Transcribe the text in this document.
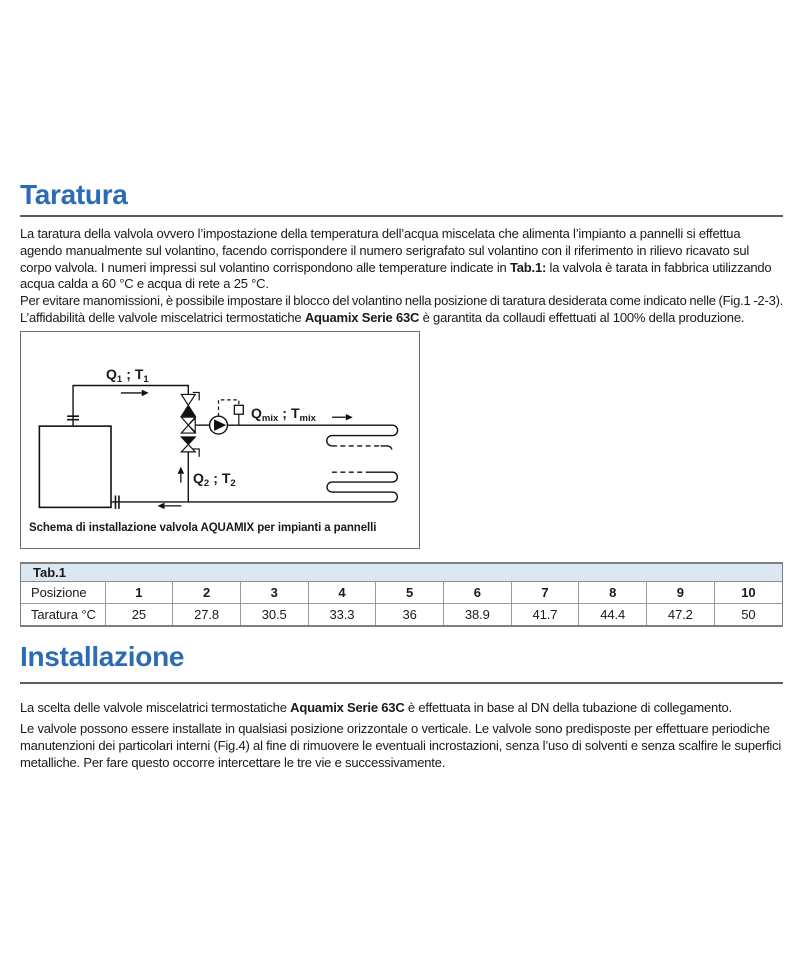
Taratura
La taratura della valvola ovvero l’impostazione della temperatura dell’acqua miscelata che alimenta l’impianto a pannelli si effettua
agendo manualmente sul volantino, facendo corrispondere il numero serigrafato sul volantino con il riferimento in rilievo ricavato sul
corpo valvola. I numeri impressi sul volantino corrispondono alle temperature indicate in Tab.1: la valvola è tarata in fabbrica utilizzando
acqua calda a 60 °C e acqua di rete a 25 °C.
Per evitare manomissioni, è possibile impostare il blocco del volantino nella posizione di taratura desiderata come indicato nelle (Fig.1 -2-3).
L’affidabilità delle valvole miscelatrici termostatiche Aquamix Serie 63C è garantita da collaudi effettuati al 100% della produzione.
$Q_1$ ; $T_1$
$Q_{mix}$ ; $T_{mix}$
$Q_2$ ; $T_2$
Schema di installazione valvola AQUAMIX per impianti a pannelli
Tab.1
Posizione	1	2	3	4	5	6	7	8	9	10
Taratura °C	25	27.8	30.5	33.3	36	38.9	41.7	44.4	47.2	50
Installazione
La scelta delle valvole miscelatrici termostatiche Aquamix Serie 63C è effettuata in base al DN della tubazione di collegamento.
Le valvole possono essere installate in qualsiasi posizione orizzontale o verticale. Le valvole sono predisposte per effettuare periodiche
manutenzioni dei particolari interni (Fig.4) al fine di rimuovere le eventuali incrostazioni, senza l’uso di solventi e senza scalfire le superfici
metalliche. Per fare questo occorre intercettare le tre vie e successivamente.
